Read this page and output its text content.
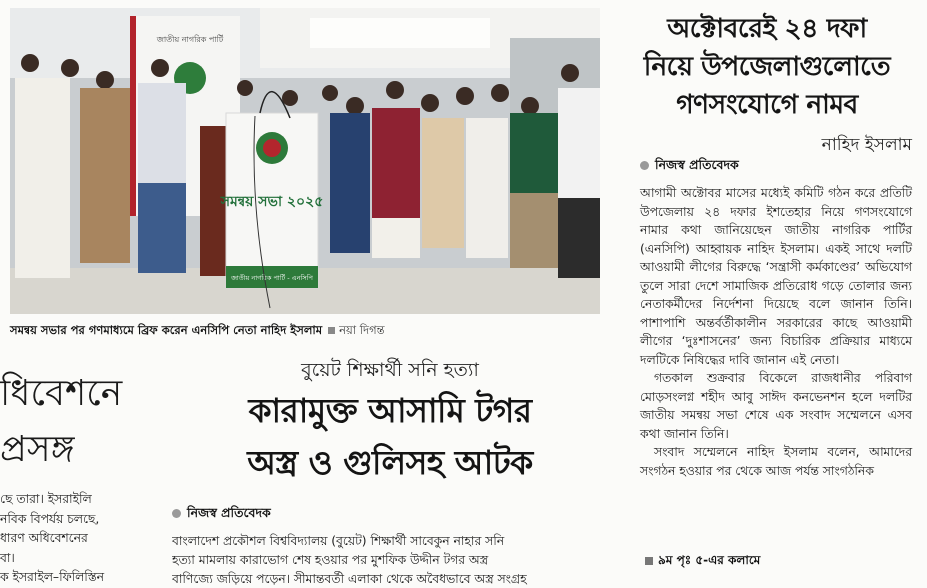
জাতীয় নাগরিক পার্টি
সমন্বয় সভা ২০২৫
জাতীয় নাগরিক পার্টি - এনসিপি
সমন্বয় সভার পর গণমাধ্যমে ব্রিফ করেন এনসিপি নেতা নাহিদ ইসলাম নয়া দিগন্ত
অক্টোবরেই ২৪ দফা
নিয়ে উপজেলাগুলোতে
গণসংযোগে নামব
নাহিদ ইসলাম
নিজস্ব প্রতিবেদক

আগামী অক্টোবর মাসের মধ্যেই কমিটি গঠন করে প্রতিটি উপজেলায় ২৪ দফার ইশতেহার নিয়ে গণসংযোগে নামার কথা জানিয়েছেন জাতীয় নাগরিক পার্টির (এনসিপি) আহ্বায়ক নাহিদ ইসলাম। একই সাথে দলটি আওয়ামী লীগের বিরুদ্ধে ‘সন্ত্রাসী কর্মকাণ্ডের’ অভিযোগ তুলে সারা দেশে সামাজিক প্রতিরোধ গড়ে তোলার জন্য নেতাকর্মীদের নির্দেশনা দিয়েছে বলে জানান তিনি। পাশাপাশি অন্তর্বর্তীকালীন সরকারের কাছে আওয়ামী লীগের ‘দুঃশাসনের’ জন্য বিচারিক প্রক্রিয়ার মাধ্যমে দলটিকে নিষিদ্ধের দাবি জানান এই নেতা।

গতকাল শুক্রবার বিকেলে রাজধানীর পরিবাগ মোড়সংলগ্ন শহীদ আবু সাঈদ কনভেনশন হলে দলটির জাতীয় সমন্বয় সভা শেষে এক সংবাদ সম্মেলনে এসব কথা জানান তিনি।

সংবাদ সম্মেলনে নাহিদ ইসলাম বলেন, আমাদের সংগঠন হওয়ার পর থেকে আজ পর্যন্ত সাংগঠনিক

৯ম পৃঃ ৫-এর কলামে
ধিবেশনে
প্রসঙ্গ
ছে তারা। ইসরাইলি
নবিক বিপর্যয় চলছে,
ধারণ অধিবেশনের
বা।
ক ইসরাইল–ফিলিস্তিন
বুয়েট শিক্ষার্থী সনি হত্যা
কারামুক্ত আসামি টগর
অস্ত্র ও গুলিসহ আটক
নিজস্ব প্রতিবেদক
বাংলাদেশ প্রকৌশল বিশ্ববিদ্যালয় (বুয়েট) শিক্ষার্থী সাবেকুন নাহার সনি
হত্যা মামলায় কারাভোগ শেষ হওয়ার পর মুশফিক উদ্দীন টগর অস্ত্র
বাণিজ্যে জড়িয়ে পড়েন। সীমান্তবর্তী এলাকা থেকে অবৈধভাবে অস্ত্র সংগ্রহ
